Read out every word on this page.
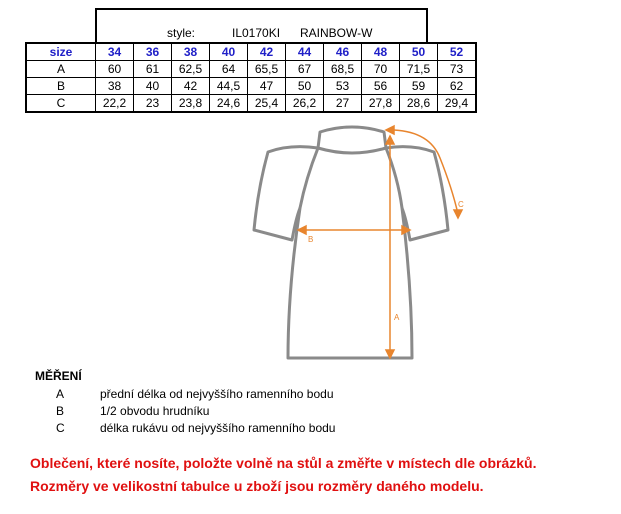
style:	IL0170KI RAINBOW-W
size	34	36	38	40	42	44	46	48	50	52
A	60	61	62,5	64	65,5	67	68,5	70	71,5	73
B	38	40	42	44,5	47	50	53	56	59	62
C	22,2	23	23,8	24,6	25,4	26,2	27	27,8	28,6	29,4
A
B
C
MĚŘENÍ
A	přední délka od nejvyššího ramenního bodu
B	1/2 obvodu hrudníku
C	délka rukávu od nejvyššího ramenního bodu
Oblečení, které nosíte, položte volně na stůl a změřte v místech dle obrázků.
Rozměry ve velikostní tabulce u zboží jsou rozměry daného modelu.
